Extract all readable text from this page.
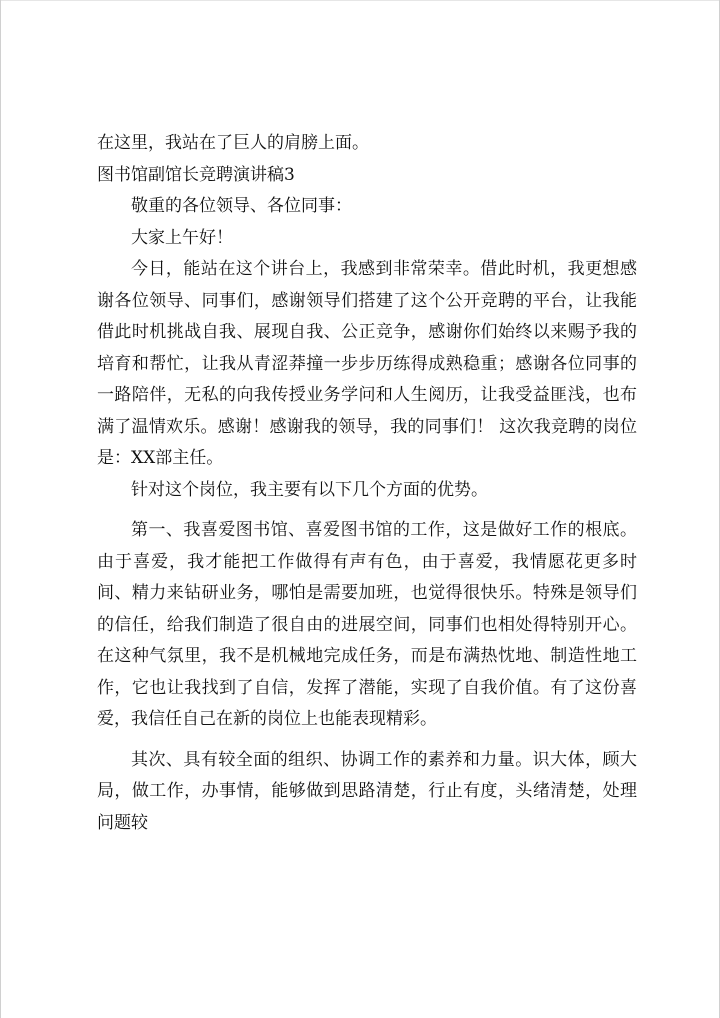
在这里，我站在了巨人的肩膀上面。

图书馆副馆长竞聘演讲稿3

敬重的各位领导、各位同事：

大家上午好！

今日，能站在这个讲台上，我感到非常荣幸。借此时机，我更想感谢各位领导、同事们，感谢领导们搭建了这个公开竞聘的平台，让我能借此时机挑战自我、展现自我、公正竞争，感谢你们始终以来赐予我的培育和帮忙，让我从青涩莽撞一步步历练得成熟稳重；感谢各位同事的一路陪伴，无私的向我传授业务学问和人生阅历，让我受益匪浅，也布满了温情欢乐。感谢！感谢我的领导，我的同事们！ 这次我竞聘的岗位是：XX部主任。

针对这个岗位，我主要有以下几个方面的优势。

第一、我喜爱图书馆、喜爱图书馆的工作，这是做好工作的根底。由于喜爱，我才能把工作做得有声有色，由于喜爱，我情愿花更多时间、精力来钻研业务，哪怕是需要加班，也觉得很快乐。特殊是领导们的信任，给我们制造了很自由的进展空间，同事们也相处得特别开心。在这种气氛里，我不是机械地完成任务，而是布满热忱地、制造性地工作，它也让我找到了自信，发挥了潜能，实现了自我价值。有了这份喜爱，我信任自己在新的岗位上也能表现精彩。

其次、具有较全面的组织、协调工作的素养和力量。识大体，顾大局，做工作，办事情，能够做到思路清楚，行止有度，头绪清楚，处理问题较
